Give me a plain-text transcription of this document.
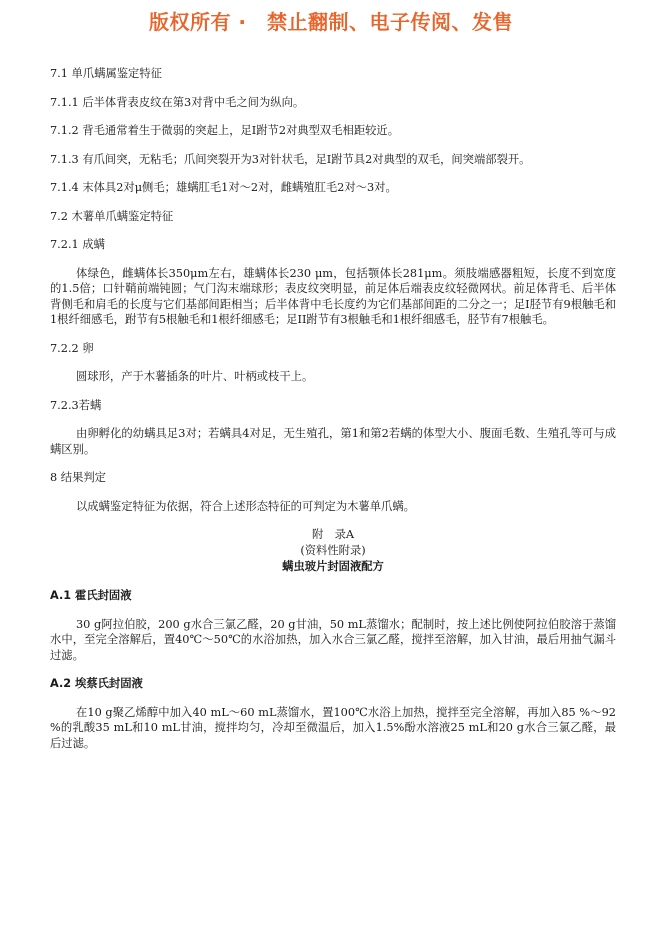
版权所有 ·　禁止翻制、电子传阅、发售
7.1 单爪螨属鉴定特征
7.1.1 后半体背表皮纹在第3对背中毛之间为纵向。
7.1.2 背毛通常着生于微弱的突起上，足I跗节2对典型双毛相距较近。
7.1.3 有爪间突，无粘毛；爪间突裂开为3对针状毛，足I跗节具2对典型的双毛，间突端部裂开。
7.1.4 末体具2对μ侧毛；雄螨肛毛1对～2对，雌螨殖肛毛2对～3对。
7.2 木薯单爪螨鉴定特征
7.2.1 成螨
体绿色，雌螨体长350μm左右，雄螨体长230 μm，包括颚体长281μm。须肢端感器粗短，长度不到宽度的1.5倍；口针鞘前端钝圆；气门沟末端球形；表皮纹突明显，前足体后端表皮纹轻微网状。前足体背毛、后半体背侧毛和肩毛的长度与它们基部间距相当；后半体背中毛长度约为它们基部间距的二分之一；足I胫节有9根触毛和1根纤细感毛，跗节有5根触毛和1根纤细感毛；足II跗节有3根触毛和1根纤细感毛，胫节有7根触毛。
7.2.2 卵
圆球形，产于木薯插条的叶片、叶柄或枝干上。
7.2.3若螨
由卵孵化的幼螨具足3对；若螨具4对足，无生殖孔，第1和第2若螨的体型大小、腹面毛数、生殖孔等可与成螨区别。
8 结果判定
以成螨鉴定特征为依据，符合上述形态特征的可判定为木薯单爪螨。
附　录A
(资料性附录)
螨虫玻片封固液配方
A.1 霍氏封固液
30 g阿拉伯胶，200 g水合三氯乙醛，20 g甘油，50 mL蒸馏水；配制时，按上述比例使阿拉伯胶溶于蒸馏水中，至完全溶解后，置40℃～50℃的水浴加热，加入水合三氯乙醛，搅拌至溶解，加入甘油，最后用抽气漏斗过滤。
A.2 埃蔡氏封固液
在10 g聚乙烯醇中加入40 mL～60 mL蒸馏水，置100℃水浴上加热，搅拌至完全溶解，再加入85 %～92 %的乳酸35 mL和10 mL甘油，搅拌均匀，冷却至微温后，加入1.5%酚水溶液25 mL和20 g水合三氯乙醛，最后过滤。
